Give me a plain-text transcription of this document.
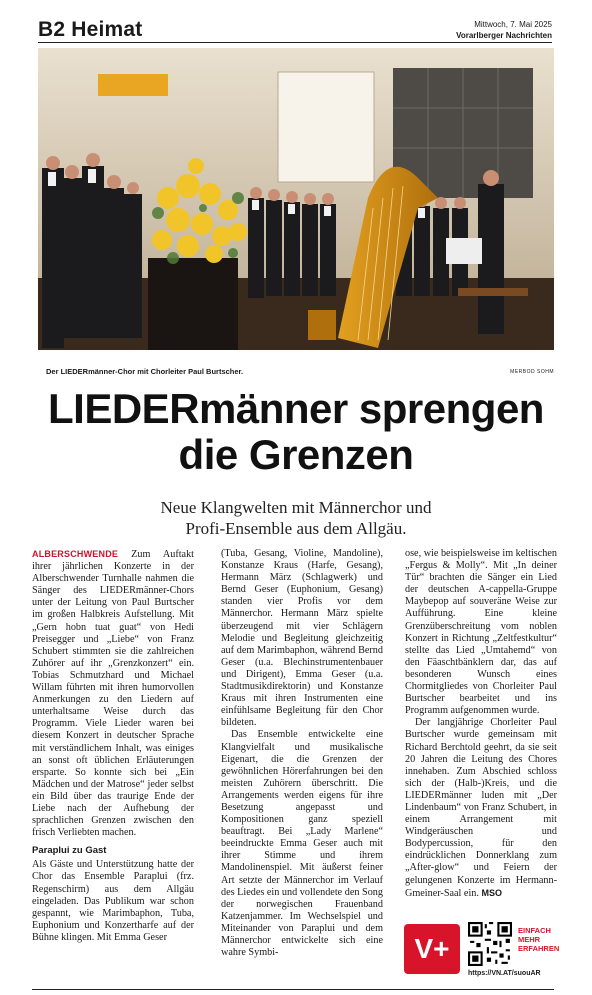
B2 Heimat	Mittwoch, 7. Mai 2025
Vorarlberger Nachrichten
Der LIEDERmänner-Chor mit Chorleiter Paul Burtscher.	MERBOD SOHM
LIEDERmänner sprengen
die Grenzen
Neue Klangwelten mit Männerchor und
Profi-Ensemble aus dem Allgäu.

ALBERSCHWENDE Zum Auftakt ihrer jährlichen Konzerte in der Alberschwender Turnhalle nahmen die Sänger des LIEDERmänner-Chors unter der Leitung von Paul Burtscher im großen Halbkreis Aufstellung. Mit „Gern hobn tuat guat“ von Hedi Preisegger und „Liebe“ von Franz Schubert stimmten sie die zahlreichen Zuhörer auf ihr „Grenzkonzert“ ein. Tobias Schmutzhard und Michael Willam führten mit ihren humorvollen Anmerkungen zu den Liedern auf unterhaltsame Weise durch das Programm. Viele Lieder waren bei diesem Konzert in deutscher Sprache mit verständlichem Inhalt, was einiges an sonst oft üblichen Erläuterungen ersparte. So konnte sich bei „Ein Mädchen und der Matrose“ jeder selbst ein Bild über das traurige Ende der Liebe nach der Aufhebung der sprachlichen Grenzen zwischen den frisch Verliebten machen.

Paraplui zu Gast

Als Gäste und Unterstützung hatte der Chor das Ensemble Paraplui (frz. Regenschirm) aus dem Allgäu eingeladen. Das Publikum war schon gespannt, wie Marimbaphon, Tuba, Euphonium und Konzertharfe auf der Bühne klingen. Mit Emma Geser

(Tuba, Gesang, Violine, Mandoline), Konstanze Kraus (Harfe, Gesang), Hermann März (Schlagwerk) und Bernd Geser (Euphonium, Gesang) standen vier Profis vor dem Männerchor. Hermann März spielte überzeugend mit vier Schlägern Melodie und Begleitung gleichzeitig auf dem Marimbaphon, während Bernd Geser (u.a. Blechinstrumentenbauer und Dirigent), Emma Geser (u.a. Stadtmusikdirektorin) und Konstanze Kraus mit ihren Instrumenten eine einfühlsame Begleitung für den Chor bildeten.

Das Ensemble entwickelte eine Klangvielfalt und musikalische Eigenart, die die Grenzen der gewöhnlichen Hörerfahrungen bei den meisten Zuhörern überschritt. Die Arrangements werden eigens für ihre Besetzung angepasst und Kompositionen ganz speziell beauftragt. Bei „Lady Marlene“ beeindruckte Emma Geser auch mit ihrer Stimme und ihrem Mandolinenspiel. Mit äußerst feiner Art setzte der Männerchor im Verlauf des Liedes ein und vollendete den Song der norwegischen Frauenband Katzenjammer. Im Wechselspiel und Miteinander von Paraplui und dem Männerchor entwickelte sich eine wahre Symbi-

ose, wie beispielsweise im keltischen „Fergus & Molly“. Mit „In deiner Tür“ brachten die Sänger ein Lied der deutschen A-cappella-Gruppe Maybepop auf souveräne Weise zur Aufführung. Eine kleine Grenzüberschreitung vom noblen Konzert in Richtung „Zeltfestkultur“ stellte das Lied „Umtahemd“ von den Fäaschtbänklern dar, das auf besonderen Wunsch eines Chormitgliedes von Chorleiter Paul Burtscher bearbeitet und ins Programm aufgenommen wurde.

Der langjährige Chorleiter Paul Burtscher wurde gemeinsam mit Richard Berchtold geehrt, da sie seit 20 Jahren die Leitung des Chores innehaben. Zum Abschied schloss sich der (Halb-)Kreis, und die LIEDERmänner luden mit „Der Lindenbaum“ von Franz Schubert, in einem Arrangement mit Windgeräuschen und Bodypercussion, für den eindrücklichen Donnerklang zum „After-glow“ und Feiern der gelungenen Konzerte im Hermann-Gmeiner-Saal ein. MSO

V+
EINFACH
MEHR
ERFAHREN
https://VN.AT/suouAR
